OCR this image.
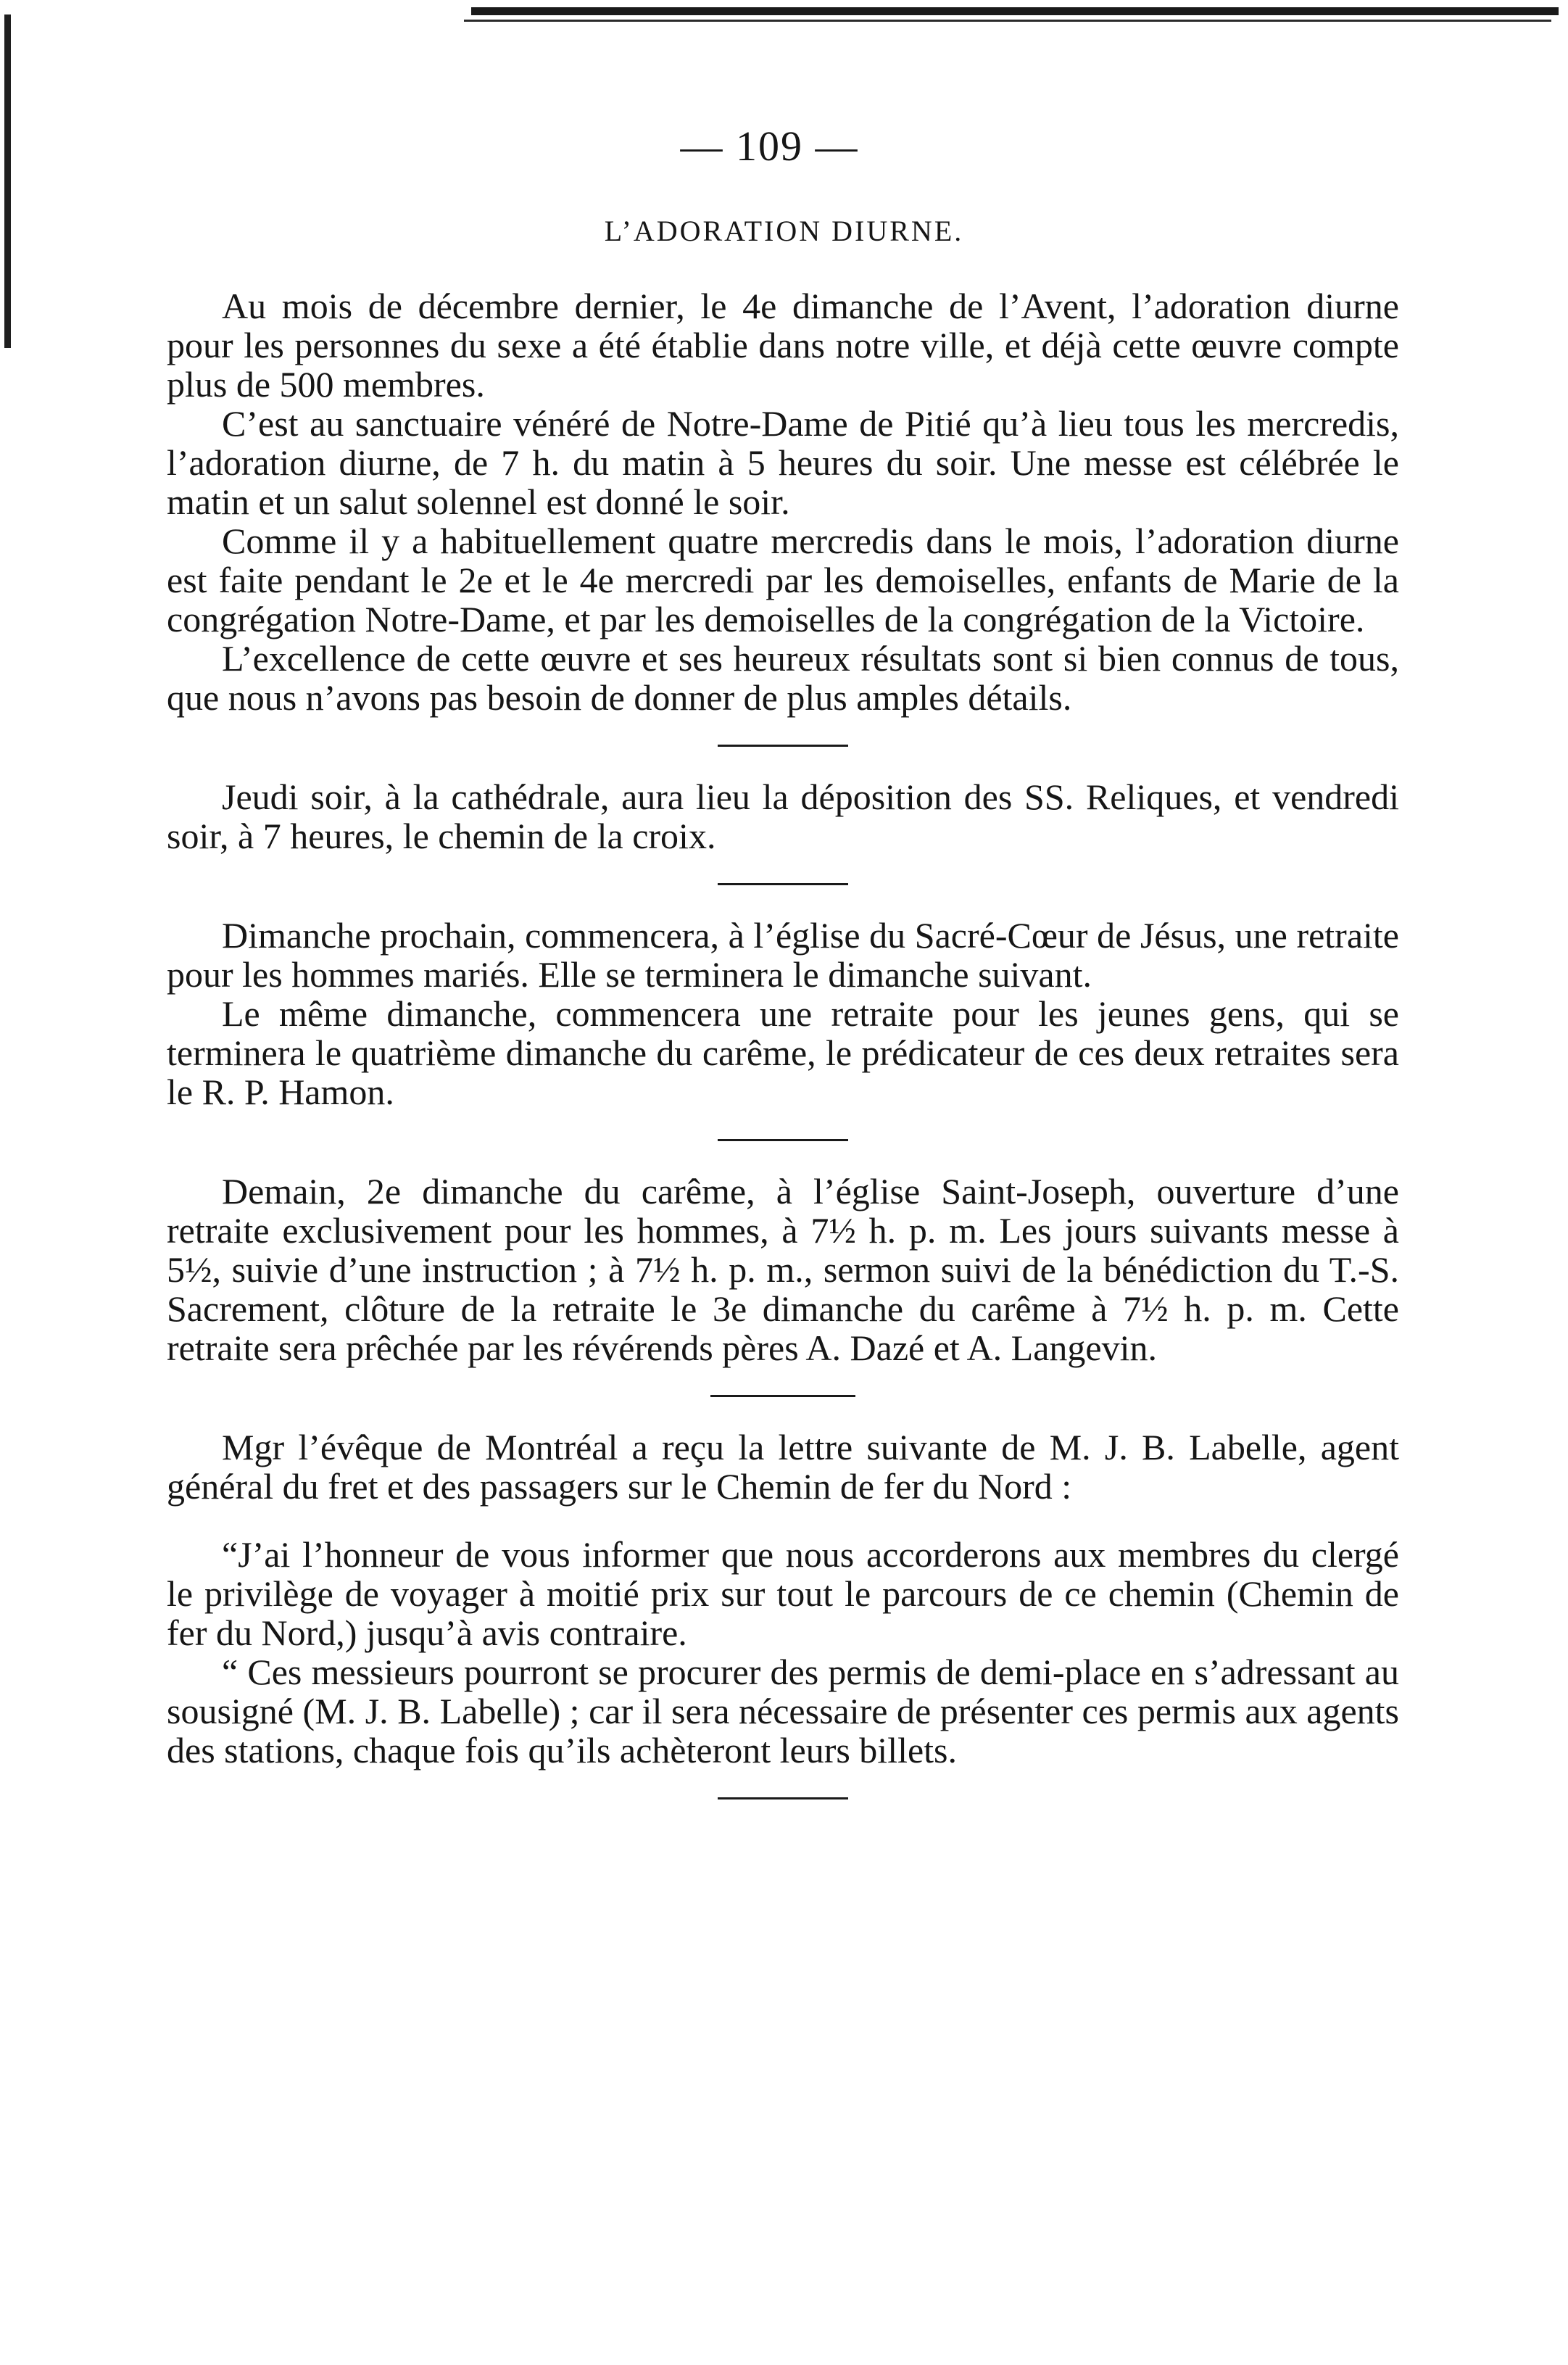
— 109 —
L’ADORATION DIURNE.

Au mois de décembre dernier, le 4e dimanche de l’Avent, l’adoration diurne pour les personnes du sexe a été établie dans notre ville, et déjà cette œuvre compte plus de 500 membres.

C’est au sanctuaire vénéré de Notre-Dame de Pitié qu’à lieu tous les mercredis, l’adoration diurne, de 7 h. du matin à 5 heures du soir. Une messe est célébrée le matin et un salut solennel est donné le soir.

Comme il y a habituellement quatre mercredis dans le mois, l’adoration diurne est faite pendant le 2e et le 4e mercredi par les demoiselles, enfants de Marie de la congrégation Notre-Dame, et par les demoiselles de la congrégation de la Victoire.

L’excellence de cette œuvre et ses heureux résultats sont si bien connus de tous, que nous n’avons pas besoin de donner de plus amples détails.

Jeudi soir, à la cathédrale, aura lieu la déposition des SS. Reliques, et vendredi soir, à 7 heures, le chemin de la croix.

Dimanche prochain, commencera, à l’église du Sacré-Cœur de Jésus, une retraite pour les hommes mariés. Elle se terminera le dimanche suivant.

Le même dimanche, commencera une retraite pour les jeunes gens, qui se terminera le quatrième dimanche du carême, le prédicateur de ces deux retraites sera le R. P. Hamon.

Demain, 2e dimanche du carême, à l’église Saint-Joseph, ouverture d’une retraite exclusivement pour les hommes, à 7½ h. p. m. Les jours suivants messe à 5½, suivie d’une instruction ; à 7½ h. p. m., sermon suivi de la bénédiction du T.-S. Sacrement, clôture de la retraite le 3e dimanche du carême à 7½ h. p. m. Cette retraite sera prêchée par les révérends pères A. Dazé et A. Langevin.

Mgr l’évêque de Montréal a reçu la lettre suivante de M. J. B. Labelle, agent général du fret et des passagers sur le Chemin de fer du Nord :

“J’ai l’honneur de vous informer que nous accorderons aux membres du clergé le privilège de voyager à moitié prix sur tout le parcours de ce chemin (Chemin de fer du Nord,) jusqu’à avis contraire.

“ Ces messieurs pourront se procurer des permis de demi-place en s’adressant au sousigné (M. J. B. Labelle) ; car il sera nécessaire de présenter ces permis aux agents des stations, chaque fois qu’ils achèteront leurs billets.
